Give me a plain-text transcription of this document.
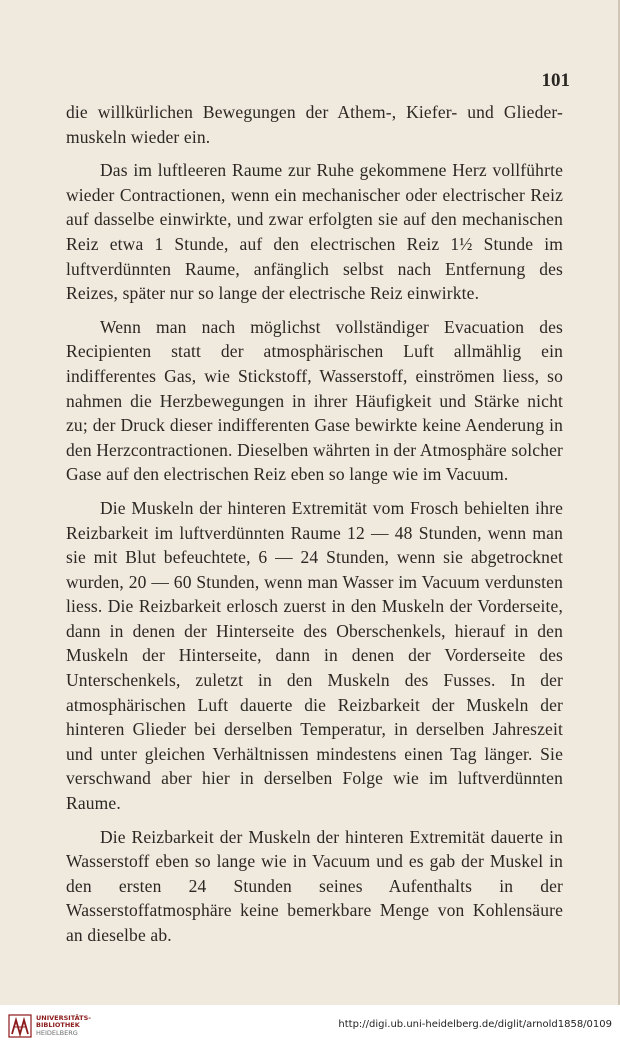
101

die willkürlichen Bewegungen der Athem-, Kiefer- und Glieder-muskeln wieder ein.

Das im luftleeren Raume zur Ruhe gekommene Herz vollführte wieder Contractionen, wenn ein mechanischer oder electrischer Reiz auf dasselbe einwirkte, und zwar erfolgten sie auf den mechanischen Reiz etwa 1 Stunde, auf den electrischen Reiz 1½ Stunde im luftverdünnten Raume, anfänglich selbst nach Entfernung des Reizes, später nur so lange der electrische Reiz einwirkte.

Wenn man nach möglichst vollständiger Evacuation des Recipienten statt der atmosphärischen Luft allmählig ein indifferentes Gas, wie Stickstoff, Wasserstoff, einströmen liess, so nahmen die Herzbewegungen in ihrer Häufigkeit und Stärke nicht zu; der Druck dieser indifferenten Gase bewirkte keine Aenderung in den Herzcontractionen. Dieselben währten in der Atmosphäre solcher Gase auf den electrischen Reiz eben so lange wie im Vacuum.

Die Muskeln der hinteren Extremität vom Frosch behielten ihre Reizbarkeit im luftverdünnten Raume 12 — 48 Stunden, wenn man sie mit Blut befeuchtete, 6 — 24 Stunden, wenn sie abgetrocknet wurden, 20 — 60 Stunden, wenn man Wasser im Vacuum verdunsten liess. Die Reizbarkeit erlosch zuerst in den Muskeln der Vorderseite, dann in denen der Hinterseite des Oberschenkels, hierauf in den Muskeln der Hinterseite, dann in denen der Vorderseite des Unterschenkels, zuletzt in den Muskeln des Fusses. In der atmosphärischen Luft dauerte die Reizbarkeit der Muskeln der hinteren Glieder bei derselben Temperatur, in derselben Jahreszeit und unter gleichen Verhältnissen mindestens einen Tag länger. Sie verschwand aber hier in derselben Folge wie im luftverdünnten Raume.

Die Reizbarkeit der Muskeln der hinteren Extremität dauerte in Wasserstoff eben so lange wie in Vacuum und es gab der Muskel in den ersten 24 Stunden seines Aufenthalts in der Wasserstoffatmosphäre keine bemerkbare Menge von Kohlensäure an dieselbe ab.

UNIVERSITÄTS-
BIBLIOTHEK
HEIDELBERG
http://digi.ub.uni-heidelberg.de/diglit/arnold1858/0109
